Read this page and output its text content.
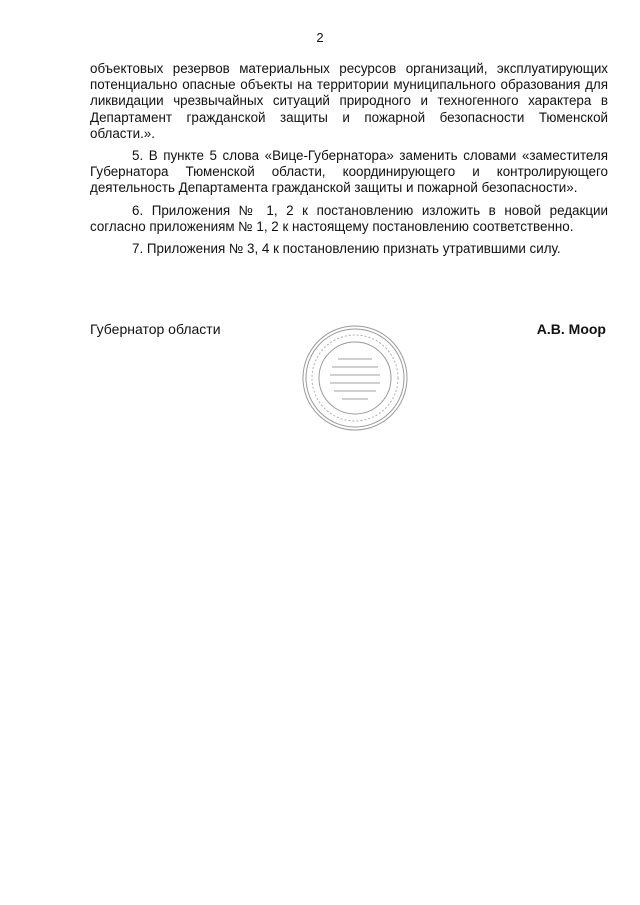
2

объектовых резервов материальных ресурсов организаций, эксплуатирующих потенциально опасные объекты на территории муниципального образования для ликвидации чрезвычайных ситуаций природного и техногенного характера в Департамент гражданской защиты и пожарной безопасности Тюменской области.».

5. В пункте 5 слова «Вице-Губернатора» заменить словами «заместителя Губернатора Тюменской области, координирующего и контролирующего деятельность Департамента гражданской защиты и пожарной безопасности».

6. Приложения № 1, 2 к постановлению изложить в новой редакции согласно приложениям № 1, 2 к настоящему постановлению соответственно.

7. Приложения № 3, 4 к постановлению признать утратившими силу.

Губернатор области	А.В. Моор
